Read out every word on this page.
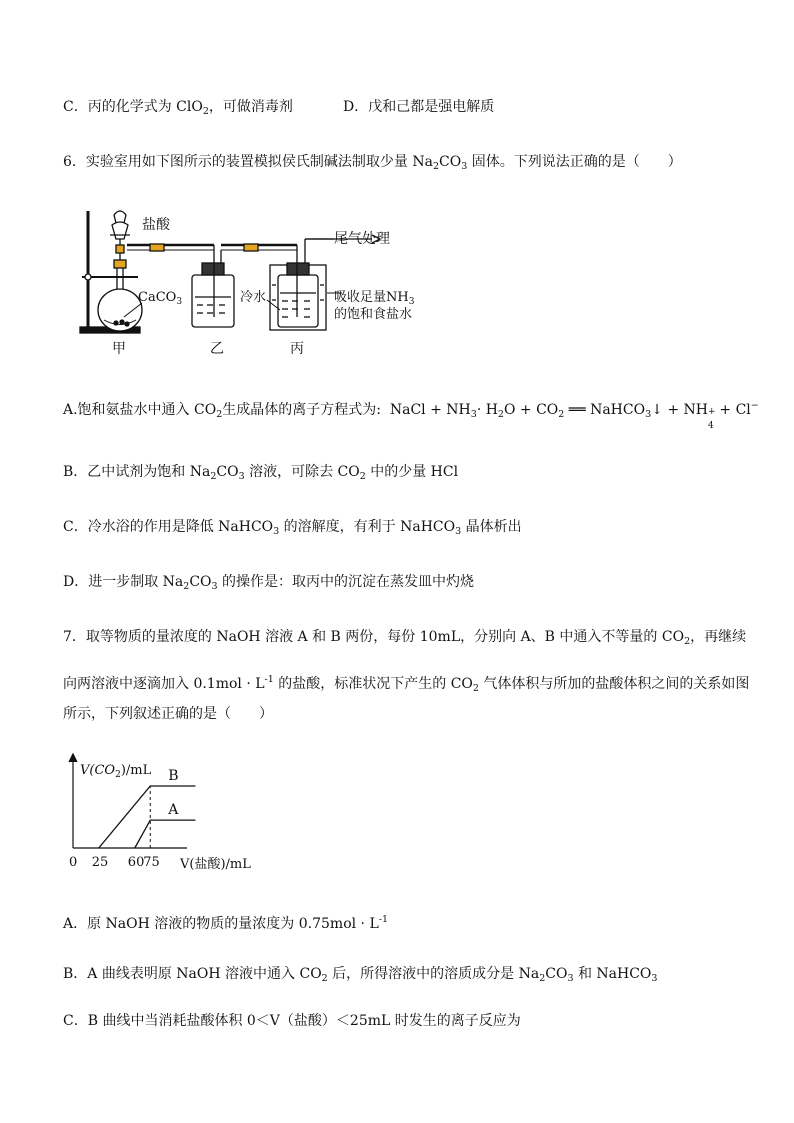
C．丙的化学式为 ClO$_2$，可做消毒剂	D．戊和己都是强电解质
6．实验室用如下图所示的装置模拟侯氏制碱法制取少量 $Na_2CO_3$ 固体。下列说法正确的是（　　）
盐酸
CaCO$_3$
尾气处理
冷水	吸收足量$NH_3$
的饱和食盐水
甲	乙	丙
A.饱和氨盐水中通入 $CO_2$生成晶体的离子方程式为: NaCl + $NH_3\cdot H_2O + CO_2$ ══ NaHCO$_3$↓ + NH +
4
+ Cl−
B．乙中试剂为饱和 $Na_2CO_3$ 溶液，可除去 $CO_2$ 中的少量 HCl
C．冷水浴的作用是降低 NaHCO$_3$ 的溶解度，有利于 NaHCO$_3$ 晶体析出
D．进一步制取 $Na_2CO_3$ 的操作是：取丙中的沉淀在蒸发皿中灼烧
7．取等物质的量浓度的 NaOH 溶液 A 和 B 两份，每份 10mL，分别向 A、B 中通入不等量的 $CO_2$，再继续
向两溶液中逐滴加入 $0.1mol \cdot L^{-1}$ 的盐酸，标准状况下产生的 $CO_2$ 气体体积与所加的盐酸体积之间的关系如图
所示，下列叙述正确的是（　　）
$V(CO_2)/mL$
V(盐酸)/mL
0 25 60
75
B
A
A．原 NaOH 溶液的物质的量浓度为 $0.75mol \cdot L^{-1}$
B．A 曲线表明原 NaOH 溶液中通入 $CO_2$ 后，所得溶液中的溶质成分是 $Na_2CO_3$ 和 NaHCO$_3$
C．B 曲线中当消耗盐酸体积 0＜V（盐酸）＜25mL 时发生的离子反应为
